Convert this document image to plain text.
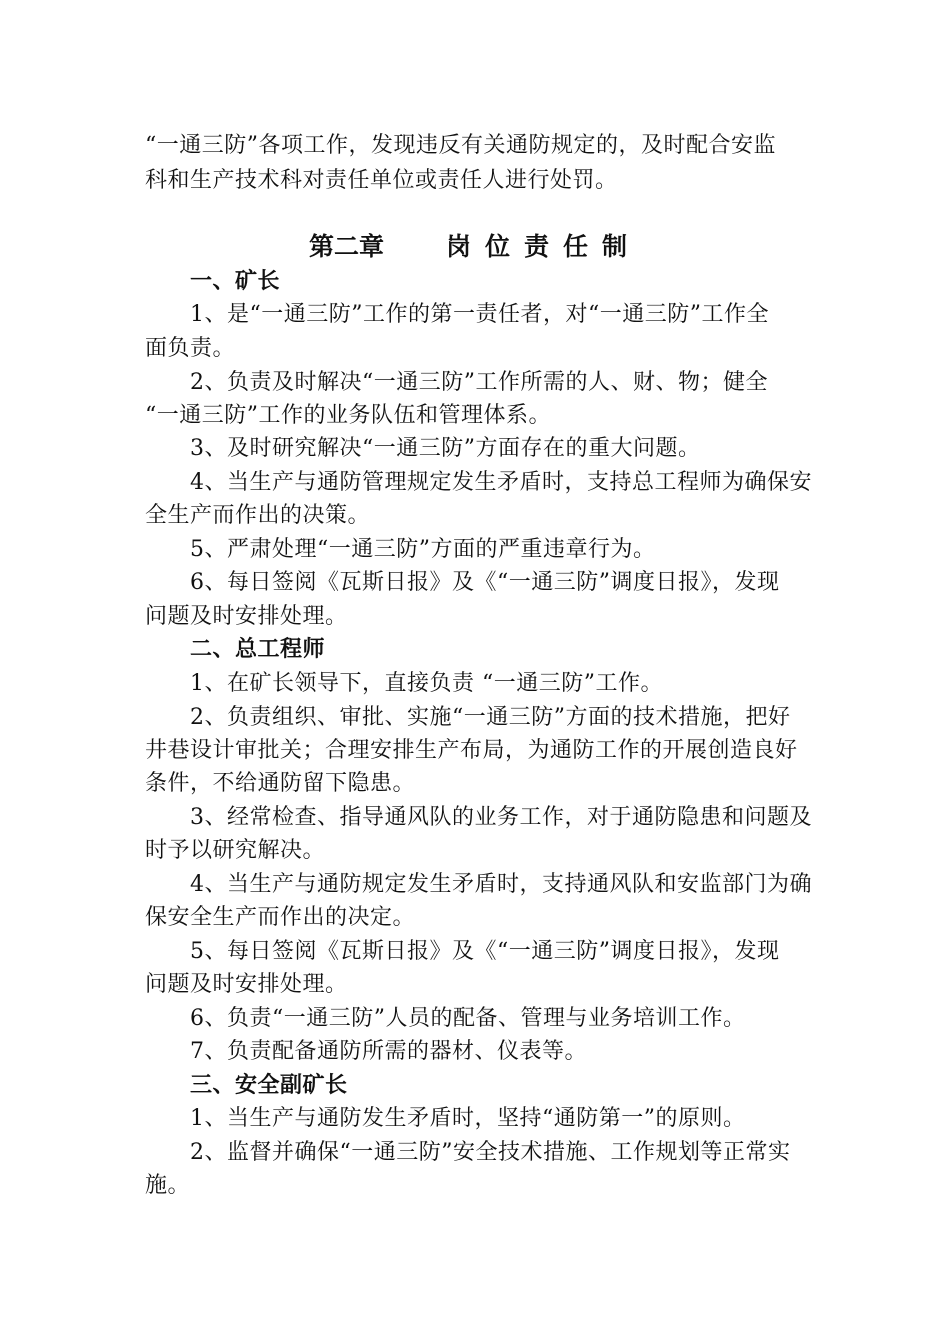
“一通三防”各项工作，发现违反有关通防规定的，及时配合安监
科和生产技术科对责任单位或责任人进行处罚。
第二章 岗位责任制
一、矿长
1、是“一通三防”工作的第一责任者，对“一通三防”工作全
面负责。
2、负责及时解决“一通三防”工作所需的人、财、物；健全
“一通三防”工作的业务队伍和管理体系。
3、及时研究解决“一通三防”方面存在的重大问题。
4、当生产与通防管理规定发生矛盾时，支持总工程师为确保安
全生产而作出的决策。
5、严肃处理“一通三防”方面的严重违章行为。
6、每日签阅《瓦斯日报》及《“一通三防”调度日报》，发现
问题及时安排处理。
二、总工程师
1、在矿长领导下，直接负责 “一通三防”工作。
2、负责组织、审批、实施“一通三防”方面的技术措施，把好
井巷设计审批关；合理安排生产布局，为通防工作的开展创造良好
条件，不给通防留下隐患。
3、经常检查、指导通风队的业务工作，对于通防隐患和问题及
时予以研究解决。
4、当生产与通防规定发生矛盾时，支持通风队和安监部门为确
保安全生产而作出的决定。
5、每日签阅《瓦斯日报》及《“一通三防”调度日报》，发现
问题及时安排处理。
6、负责“一通三防”人员的配备、管理与业务培训工作。
7、负责配备通防所需的器材、仪表等。
三、安全副矿长
1、当生产与通防发生矛盾时，坚持“通防第一”的原则。
2、监督并确保“一通三防”安全技术措施、工作规划等正常实
施。
